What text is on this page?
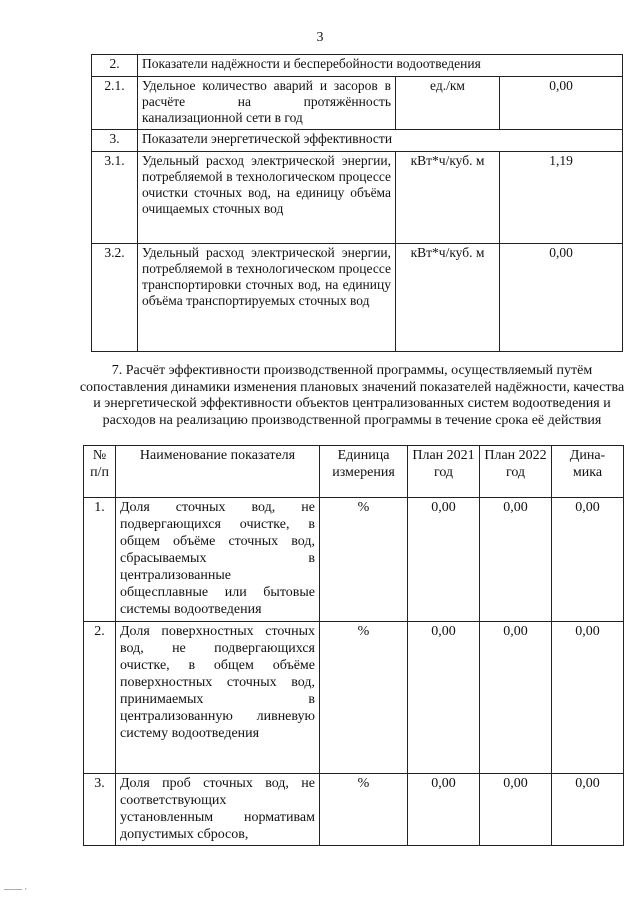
3
2.	Показатели надёжности и бесперебойности водоотведения		
2.1.	Удельное количество аварий и засоров в расчёте на протяжённость канализационной сети в год	ед./км	0,00
3.	Показатели энергетической эффективности		
3.1.	Удельный расход электрической энергии, потребляемой в технологическом процессе очистки сточных вод, на единицу объёма очищаемых сточных вод	кВт*ч/куб. м	1,19
3.2.	Удельный расход электрической энергии, потребляемой в технологическом процессе транспортировки сточных вод, на единицу объёма транспортируемых сточных вод	кВт*ч/куб. м	0,00
7. Расчёт эффективности производственной программы, осуществляемый путём сопоставления динамики изменения плановых значений показателей надёжности, качества и энергетической эффективности объектов централизованных систем водоотведения и расходов на реализацию производственной программы в течение срока её действия
№ п/п	Наименование показателя	Единица измерения	План 2021 год	План 2022 год	Дина-мика
1.	Доля сточных вод, не подвергающихся очистке, в общем объёме сточных вод, сбрасываемых в централизованные общесплавные или бытовые системы водоотведения	%	0,00	0,00	0,00
2.	Доля поверхностных сточных вод, не подвергающихся очистке, в общем объёме поверхностных сточных вод, принимаемых в централизованную ливневую систему водоотведения	%	0,00	0,00	0,00
3.	Доля проб сточных вод, не соответствующих установленным нормативам допустимых сбросов,	%	0,00	0,00	0,00
—— ·
